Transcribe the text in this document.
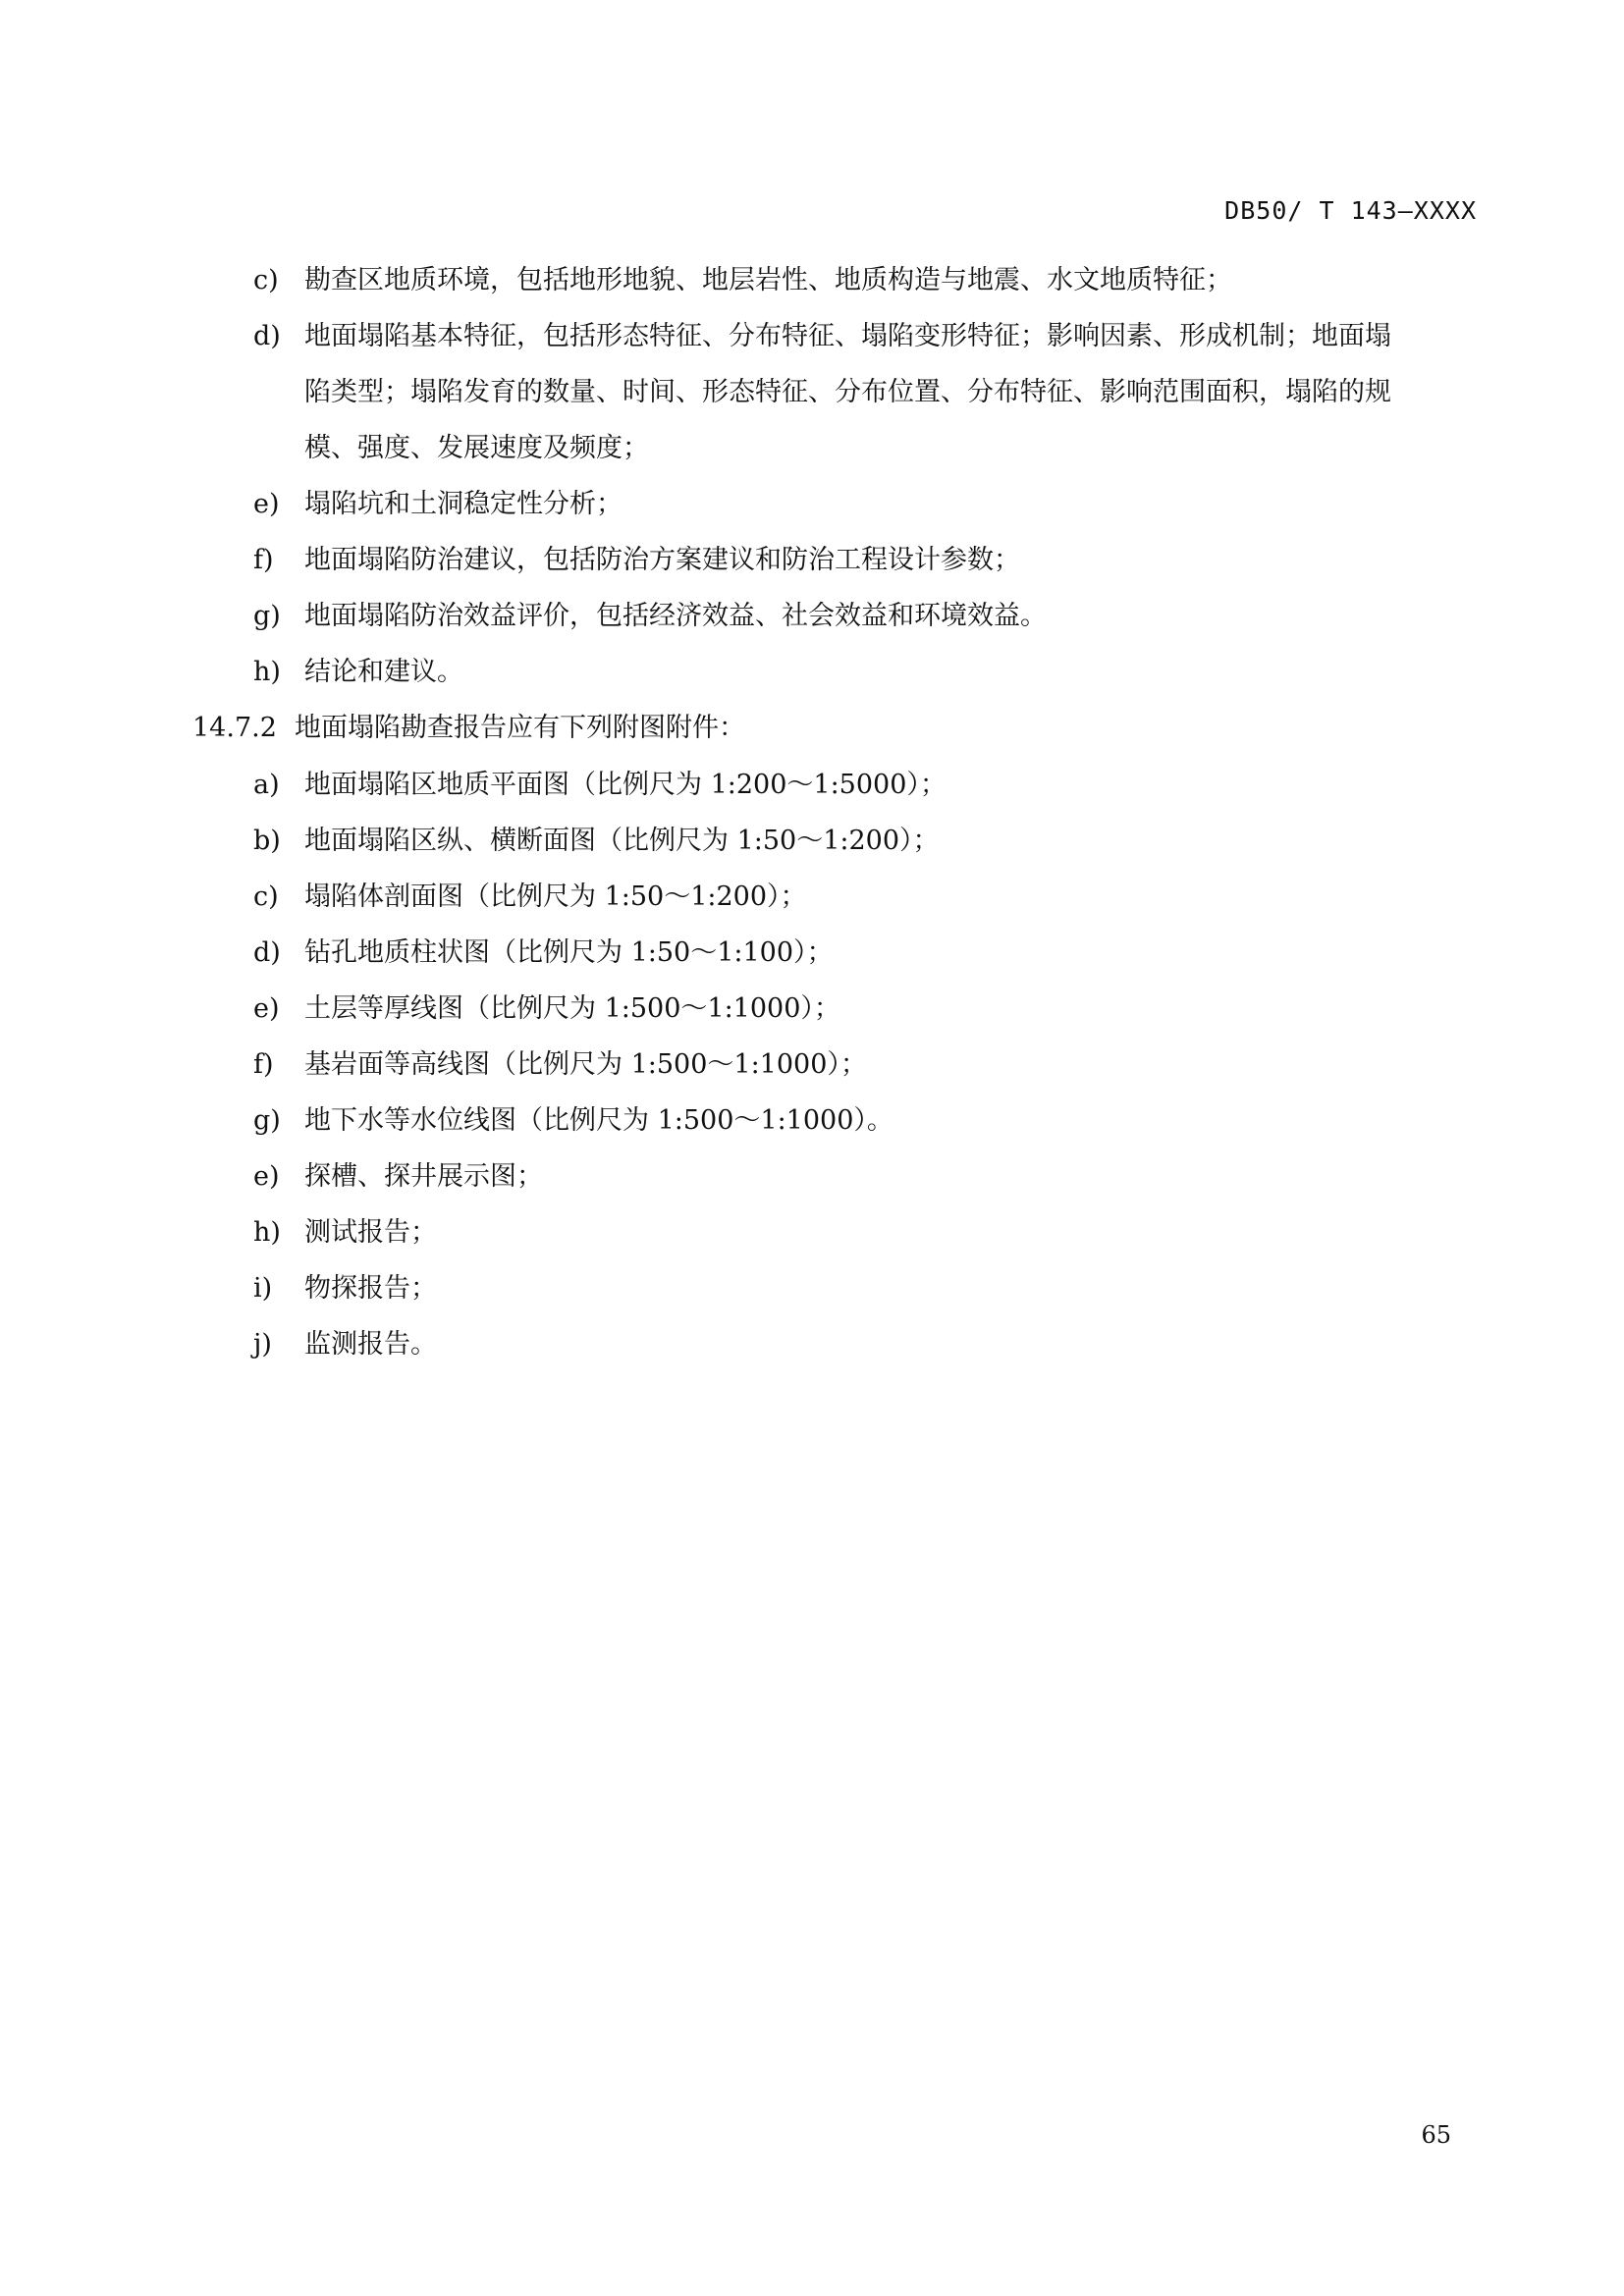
DB50/ T 143—XXXX
c) 勘查区地质环境，包括地形地貌、地层岩性、地质构造与地震、水文地质特征；
d) 地面塌陷基本特征，包括形态特征、分布特征、塌陷变形特征；影响因素、形成机制；地面塌
陷类型；塌陷发育的数量、时间、形态特征、分布位置、分布特征、影响范围面积，塌陷的规
模、强度、发展速度及频度；
e) 塌陷坑和土洞稳定性分析；
f) 地面塌陷防治建议，包括防治方案建议和防治工程设计参数；
g) 地面塌陷防治效益评价，包括经济效益、社会效益和环境效益。
h) 结论和建议。
14.7.2 地面塌陷勘查报告应有下列附图附件：
a) 地面塌陷区地质平面图（比例尺为 1:200～1:5000）；
b) 地面塌陷区纵、横断面图（比例尺为 1:50～1:200）；
c) 塌陷体剖面图（比例尺为 1:50～1:200）；
d) 钻孔地质柱状图（比例尺为 1:50～1:100）；
e) 土层等厚线图（比例尺为 1:500～1:1000）；
f) 基岩面等高线图（比例尺为 1:500～1:1000）；
g) 地下水等水位线图（比例尺为 1:500～1:1000）。
e) 探槽、探井展示图；
h) 测试报告；
i) 物探报告；
j) 监测报告。
65
